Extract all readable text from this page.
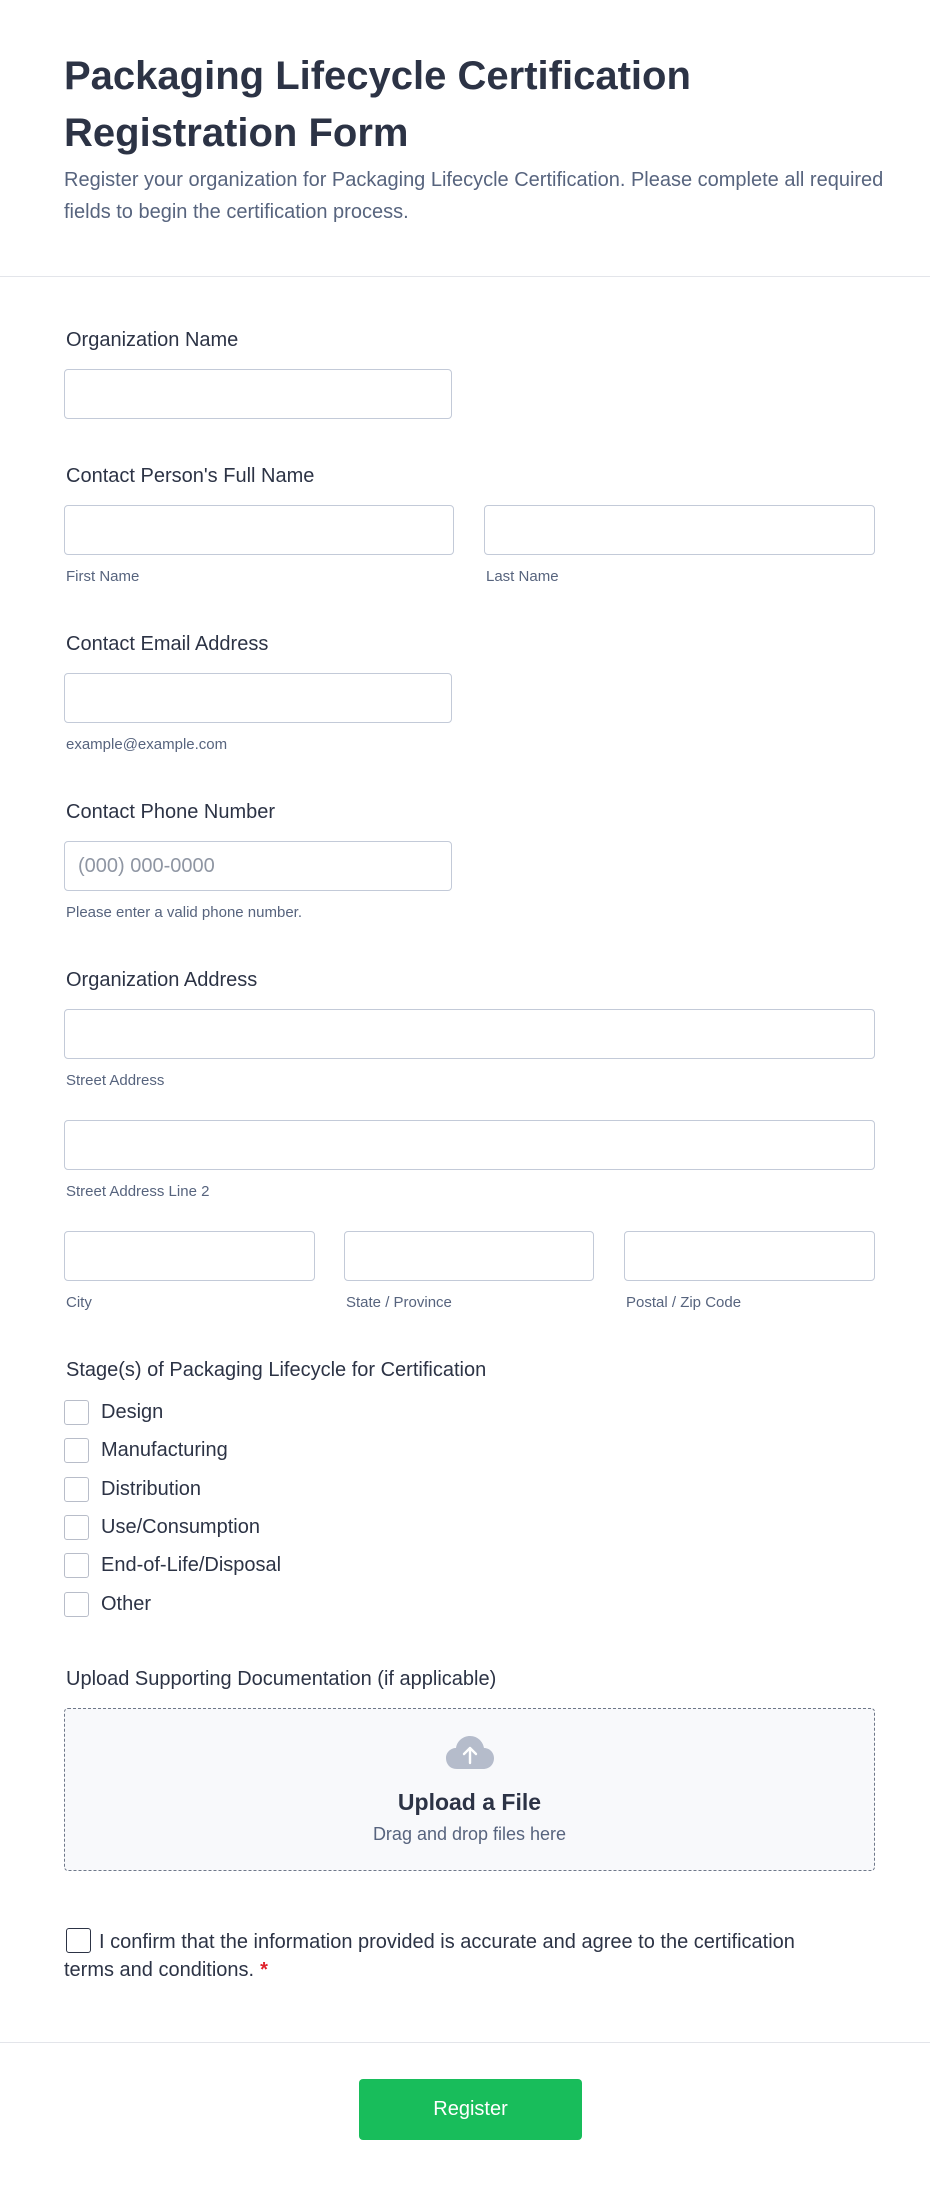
Packaging Lifecycle Certification Registration Form

Register your organization for Packaging Lifecycle Certification. Please complete all required fields to begin the certification process.

Organization Name
Contact Person's Full Name
First Name	Last Name
Contact Email Address
example@example.com
Contact Phone Number
(000) 000-0000
Please enter a valid phone number.
Organization Address
Street Address
Street Address Line 2
City	State / Province	Postal / Zip Code
Stage(s) of Packaging Lifecycle for Certification
Design
Manufacturing
Distribution
Use/Consumption
End-of-Life/Disposal
Other
Upload Supporting Documentation (if applicable)
Upload a File
Drag and drop files here
I confirm that the information provided is accurate and agree to the certification terms and conditions. *
Register
